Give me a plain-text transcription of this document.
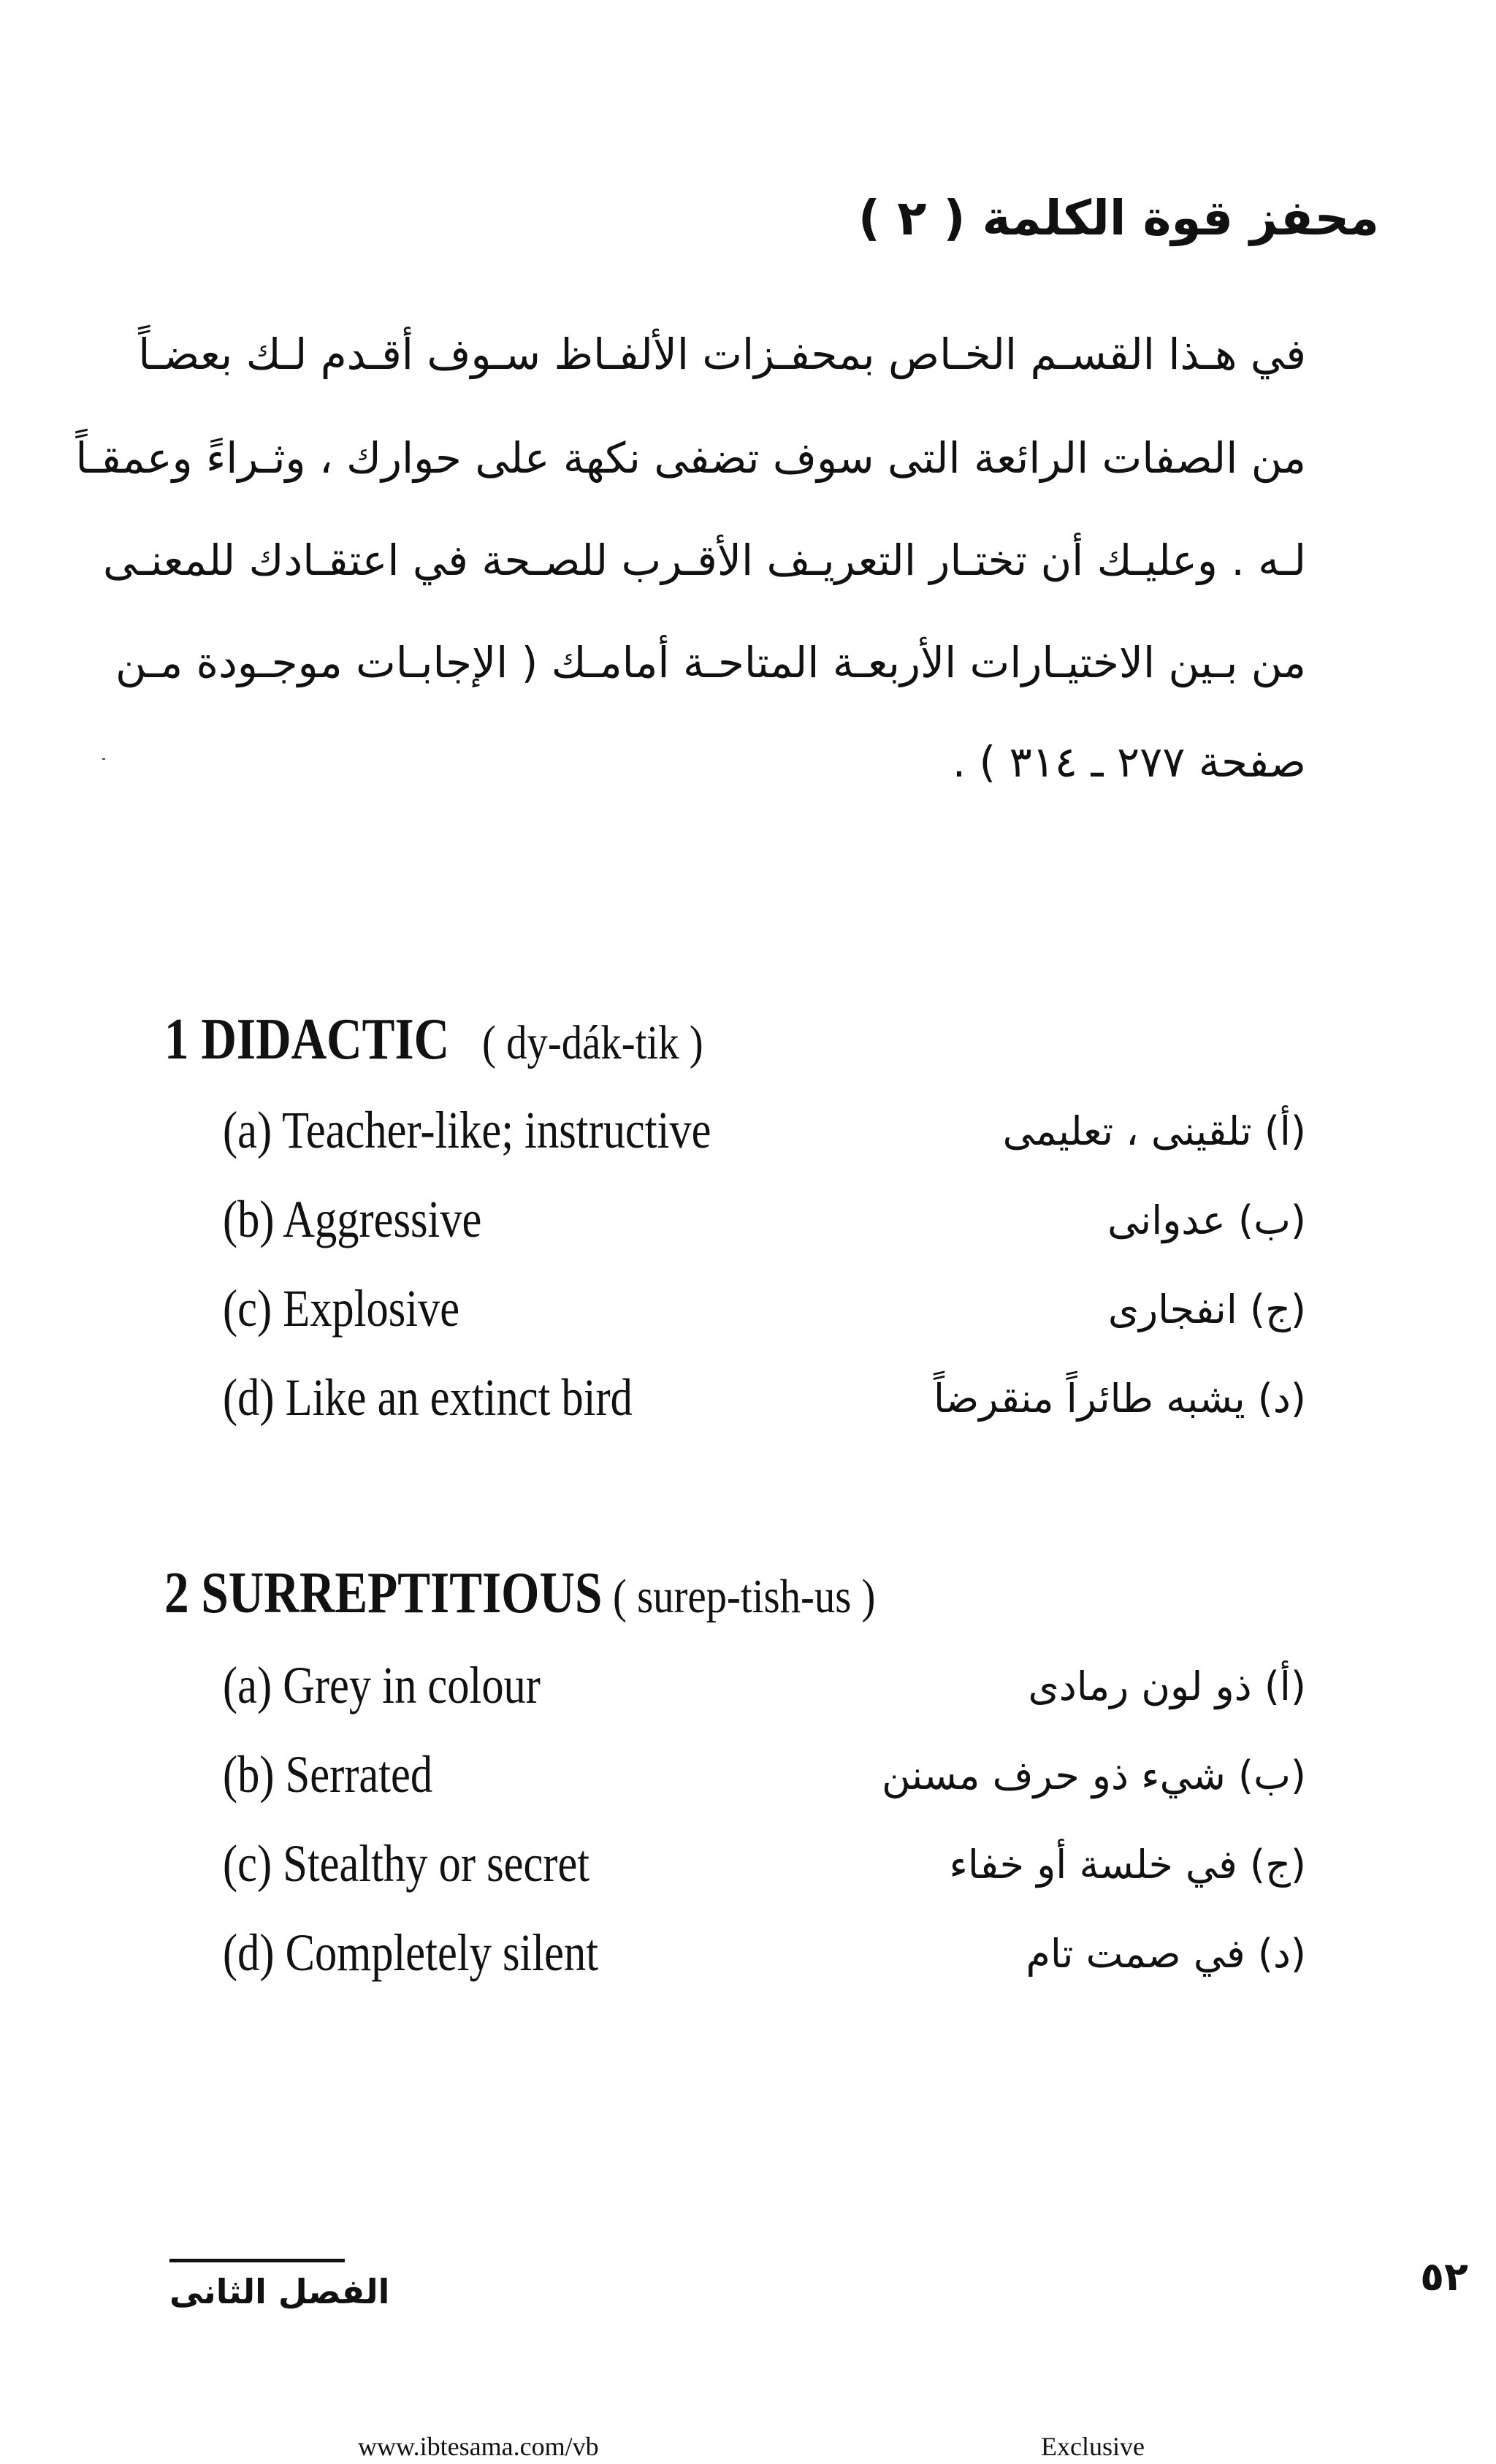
محفز قوة الكلمة ( ٢ )
في هـذا القسـم الخـاص بمحفـزات الألفـاظ سـوف أقـدم لـك بعضـاً
من الصفات الرائعة التى سوف تضفى نكهة على حوارك ، وثـراءً وعمقـاً
لـه . وعليـك أن تختـار التعريـف الأقـرب للصـحة في اعتقـادك للمعنـى
من بـين الاختيـارات الأربعـة المتاحـة أمامـك ( الإجابـات موجـودة مـن
صفحة ٢٧٧ ـ ٣١٤ ) .
1 DIDACTIC ( dy-dák-tik )
(a) Teacher-like; instructive	(أ) تلقينى ، تعليمى
(b) Aggressive	(ب) عدوانى
(c) Explosive	(ج) انفجارى
(d) Like an extinct bird	(د) يشبه طائراً منقرضاً
2 SURREPTITIOUS ( surep-tish-us )
(a) Grey in colour	(أ) ذو لون رمادى
(b) Serrated	(ب) شيء ذو حرف مسنن
(c) Stealthy or secret	(ج) في خلسة أو خفاء
(d) Completely silent	(د) في صمت تام
الفصل الثانى	٥٢
www.ibtesama.com/vb	Exclusive
